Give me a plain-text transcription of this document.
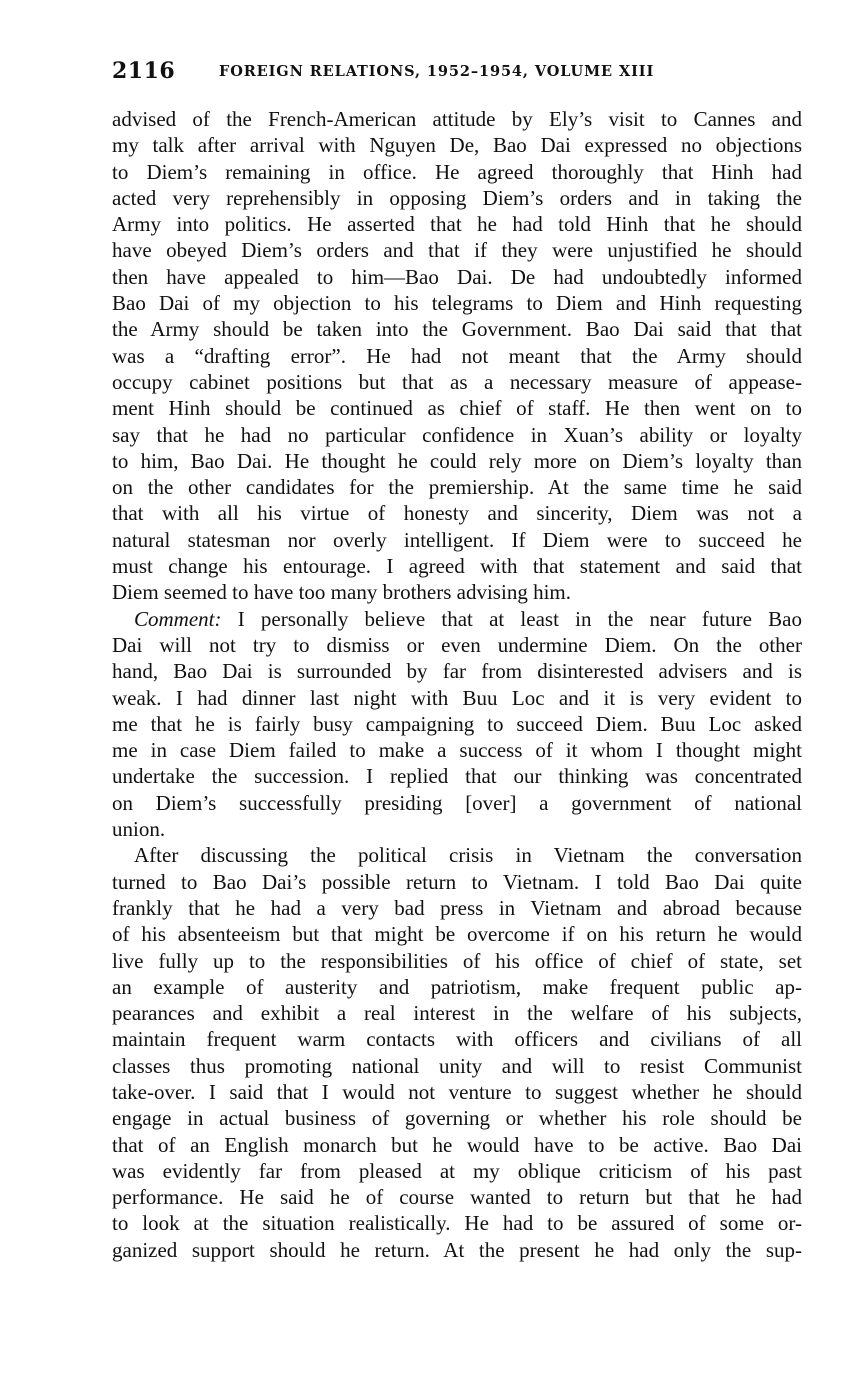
2116	FOREIGN RELATIONS, 1952–1954, VOLUME XIII
advised of the French-American attitude by Ely’s visit to Cannes and
my talk after arrival with Nguyen De, Bao Dai expressed no objections
to Diem’s remaining in office. He agreed thoroughly that Hinh had
acted very reprehensibly in opposing Diem’s orders and in taking the
Army into politics. He asserted that he had told Hinh that he should
have obeyed Diem’s orders and that if they were unjustified he should
then have appealed to him—Bao Dai. De had undoubtedly informed
Bao Dai of my objection to his telegrams to Diem and Hinh requesting
the Army should be taken into the Government. Bao Dai said that that
was a “drafting error”. He had not meant that the Army should
occupy cabinet positions but that as a necessary measure of appease-
ment Hinh should be continued as chief of staff. He then went on to
say that he had no particular confidence in Xuan’s ability or loyalty
to him, Bao Dai. He thought he could rely more on Diem’s loyalty than
on the other candidates for the premiership. At the same time he said
that with all his virtue of honesty and sincerity, Diem was not a
natural statesman nor overly intelligent. If Diem were to succeed he
must change his entourage. I agreed with that statement and said that
Diem seemed to have too many brothers advising him.
Comment: I personally believe that at least in the near future Bao
Dai will not try to dismiss or even undermine Diem. On the other
hand, Bao Dai is surrounded by far from disinterested advisers and is
weak. I had dinner last night with Buu Loc and it is very evident to
me that he is fairly busy campaigning to succeed Diem. Buu Loc asked
me in case Diem failed to make a success of it whom I thought might
undertake the succession. I replied that our thinking was concentrated
on Diem’s successfully presiding [over] a government of national
union.
After discussing the political crisis in Vietnam the conversation
turned to Bao Dai’s possible return to Vietnam. I told Bao Dai quite
frankly that he had a very bad press in Vietnam and abroad because
of his absenteeism but that might be overcome if on his return he would
live fully up to the responsibilities of his office of chief of state, set
an example of austerity and patriotism, make frequent public ap-
pearances and exhibit a real interest in the welfare of his subjects,
maintain frequent warm contacts with officers and civilians of all
classes thus promoting national unity and will to resist Communist
take-over. I said that I would not venture to suggest whether he should
engage in actual business of governing or whether his role should be
that of an English monarch but he would have to be active. Bao Dai
was evidently far from pleased at my oblique criticism of his past
performance. He said he of course wanted to return but that he had
to look at the situation realistically. He had to be assured of some or-
ganized support should he return. At the present he had only the sup-
